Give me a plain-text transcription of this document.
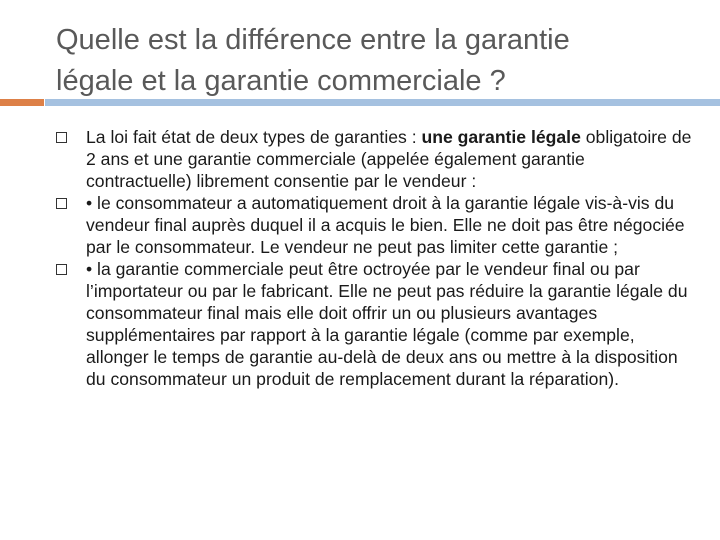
Quelle est la différence entre la garantie
légale et la garantie commerciale ?
La loi fait état de deux types de garanties : une garantie légale obligatoire de 2 ans et une garantie commerciale (appelée également garantie contractuelle) librement consentie par le vendeur :
• le consommateur a automatiquement droit à la garantie légale vis-à-vis du vendeur final auprès duquel il a acquis le bien. Elle ne doit pas être négociée par le consommateur. Le vendeur ne peut pas limiter cette garantie ;
• la garantie commerciale peut être octroyée par le vendeur final ou par l’importateur ou par le fabricant. Elle ne peut pas réduire la garantie légale du consommateur final mais elle doit offrir un ou plusieurs avantages supplémentaires par rapport à la garantie légale (comme par exemple, allonger le temps de garantie au-delà de deux ans ou mettre à la disposition du consommateur un produit de remplacement durant la réparation).
